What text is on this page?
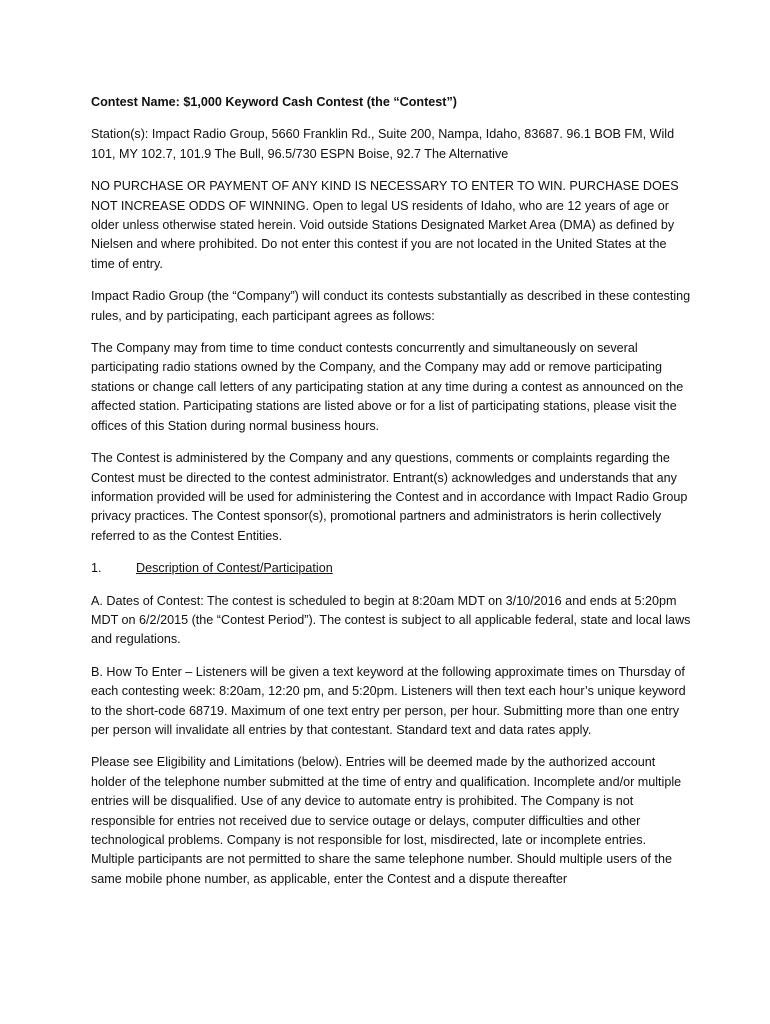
Contest Name: $1,000 Keyword Cash Contest (the “Contest”)

Station(s): Impact Radio Group, 5660 Franklin Rd., Suite 200, Nampa, Idaho, 83687. 96.1 BOB FM, Wild 101, MY 102.7, 101.9 The Bull, 96.5/730 ESPN Boise, 92.7 The Alternative

NO PURCHASE OR PAYMENT OF ANY KIND IS NECESSARY TO ENTER TO WIN. PURCHASE DOES NOT INCREASE ODDS OF WINNING. Open to legal US residents of Idaho, who are 12 years of age or older unless otherwise stated herein. Void outside Stations Designated Market Area (DMA) as defined by Nielsen and where prohibited. Do not enter this contest if you are not located in the United States at the time of entry.

Impact Radio Group (the “Company”) will conduct its contests substantially as described in these contesting rules, and by participating, each participant agrees as follows:

The Company may from time to time conduct contests concurrently and simultaneously on several participating radio stations owned by the Company, and the Company may add or remove participating stations or change call letters of any participating station at any time during a contest as announced on the affected station. Participating stations are listed above or for a list of participating stations, please visit the offices of this Station during normal business hours.

The Contest is administered by the Company and any questions, comments or complaints regarding the Contest must be directed to the contest administrator. Entrant(s) acknowledges and understands that any information provided will be used for administering the Contest and in accordance with Impact Radio Group privacy practices. The Contest sponsor(s), promotional partners and administrators is herin collectively referred to as the Contest Entities.

1.	Description of Contest/Participation

A. Dates of Contest: The contest is scheduled to begin at 8:20am MDT on 3/10/2016 and ends at 5:20pm MDT on 6/2/2015 (the “Contest Period”). The contest is subject to all applicable federal, state and local laws and regulations.

B. How To Enter – Listeners will be given a text keyword at the following approximate times on Thursday of each contesting week: 8:20am, 12:20 pm, and 5:20pm. Listeners will then text each hour’s unique keyword to the short-code 68719. Maximum of one text entry per person, per hour. Submitting more than one entry per person will invalidate all entries by that contestant. Standard text and data rates apply.

Please see Eligibility and Limitations (below). Entries will be deemed made by the authorized account holder of the telephone number submitted at the time of entry and qualification. Incomplete and/or multiple entries will be disqualified. Use of any device to automate entry is prohibited. The Company is not responsible for entries not received due to service outage or delays, computer difficulties and other technological problems. Company is not responsible for lost, misdirected, late or incomplete entries. Multiple participants are not permitted to share the same telephone number. Should multiple users of the same mobile phone number, as applicable, enter the Contest and a dispute thereafter
